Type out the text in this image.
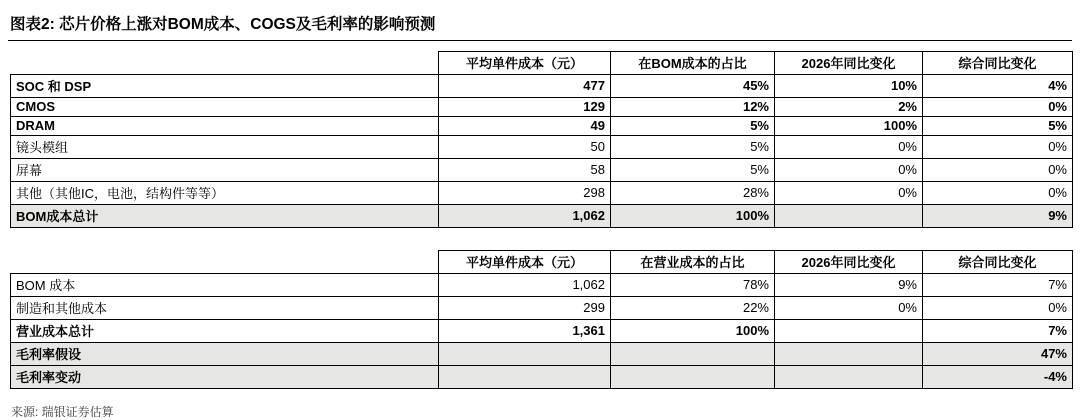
图表2: 芯片价格上涨对BOM成本、COGS及毛利率的影响预测
	平均单件成本（元）	在BOM成本的占比	2026年同比变化	综合同比变化
SOC 和 DSP	477	45%	10%	4%
CMOS	129	12%	2%	0%
DRAM	49	5%	100%	5%
镜头模组	50	5%	0%	0%
屏幕	58	5%	0%	0%
其他（其他IC，电池，结构件等等）	298	28%	0%	0%
BOM成本总计	1,062	100%		9%
	平均单件成本（元）	在营业成本的占比	2026年同比变化	综合同比变化
BOM 成本	1,062	78%	9%	7%
制造和其他成本	299	22%	0%	0%
营业成本总计	1,361	100%		7%
毛利率假设				47%
毛利率变动				-4%
来源: 瑞银证券估算
